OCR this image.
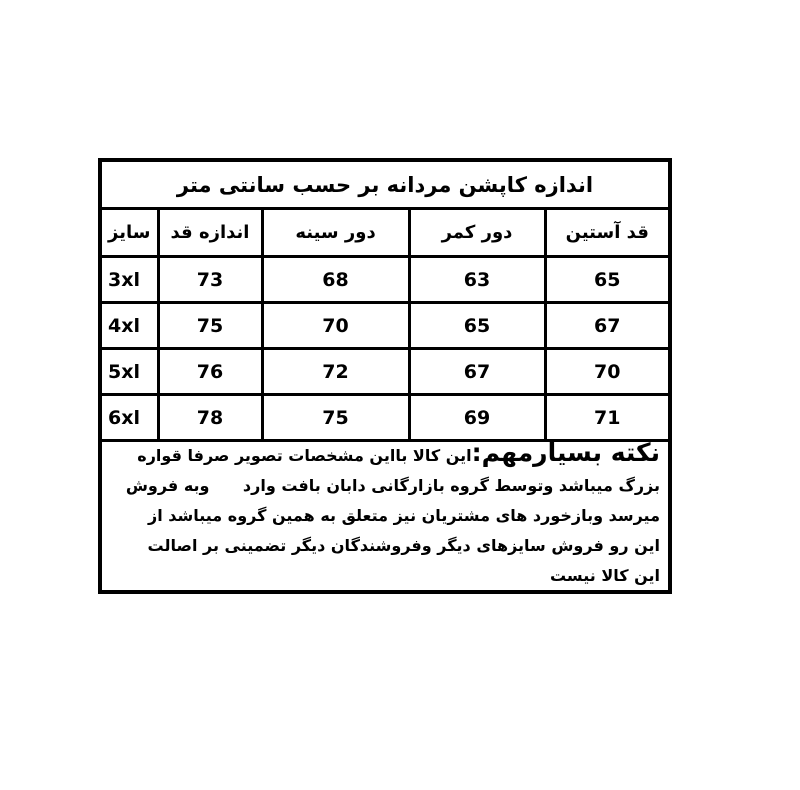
اندازه کاپشن مردانه بر حسب سانتی متر
سایز	اندازه قد	دور سینه	دور کمر	قد آستین
3xl	73	68	63	65
4xl	75	70	65	67
5xl	76	72	67	70
6xl	78	75	69	71
نکته بسیارمهم:این کالا بااین مشخصات تصویر صرفا قواره
بزرگ میباشد وتوسط گروه بازارگانی دابان بافت وارد      وبه فروش
میرسد وبازخورد های مشتریان نیز متعلق به همین گروه میباشد از
این رو فروش سایزهای دیگر وفروشندگان دیگر تضمینی بر اصالت
این کالا نیست
